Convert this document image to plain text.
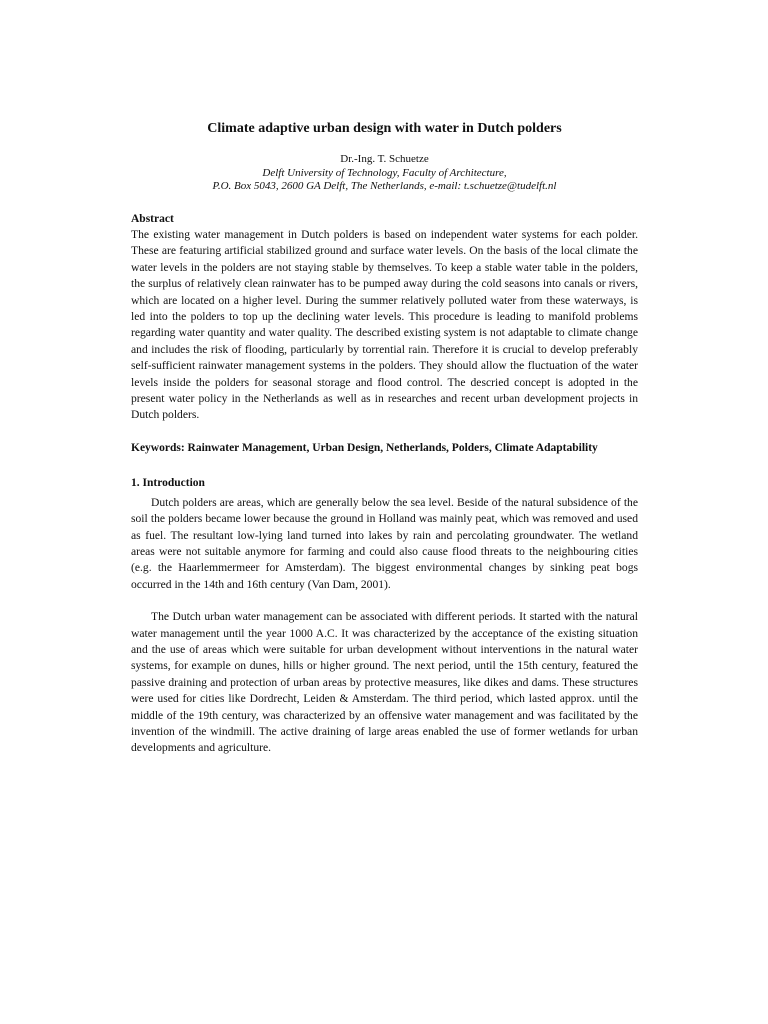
Climate adaptive urban design with water in Dutch polders

Dr.-Ing. T. Schuetze

Delft University of Technology, Faculty of Architecture,

P.O. Box 5043, 2600 GA Delft, The Netherlands, e-mail: t.schuetze@tudelft.nl

Abstract

The existing water management in Dutch polders is based on independent water systems for each polder. These are featuring artificial stabilized ground and surface water levels. On the basis of the local climate the water levels in the polders are not staying stable by themselves. To keep a stable water table in the polders, the surplus of relatively clean rainwater has to be pumped away during the cold seasons into canals or rivers, which are located on a higher level. During the summer relatively polluted water from these waterways, is led into the polders to top up the declining water levels. This procedure is leading to manifold problems regarding water quantity and water quality. The described existing system is not adaptable to climate change and includes the risk of flooding, particularly by torrential rain. Therefore it is crucial to develop preferably self-sufficient rainwater management systems in the polders. They should allow the fluctuation of the water levels inside the polders for seasonal storage and flood control. The descried concept is adopted in the present water policy in the Netherlands as well as in researches and recent urban development projects in Dutch polders.

Keywords: Rainwater Management, Urban Design, Netherlands, Polders, Climate Adaptability

1. Introduction

Dutch polders are areas, which are generally below the sea level. Beside of the natural subsidence of the soil the polders became lower because the ground in Holland was mainly peat, which was removed and used as fuel. The resultant low-lying land turned into lakes by rain and percolating groundwater. The wetland areas were not suitable anymore for farming and could also cause flood threats to the neighbouring cities (e.g. the Haarlemmermeer for Amsterdam). The biggest environmental changes by sinking peat bogs occurred in the 14th and 16th century (Van Dam, 2001).

The Dutch urban water management can be associated with different periods. It started with the natural water management until the year 1000 A.C. It was characterized by the acceptance of the existing situation and the use of areas which were suitable for urban development without interventions in the natural water systems, for example on dunes, hills or higher ground. The next period, until the 15th century, featured the passive draining and protection of urban areas by protective measures, like dikes and dams. These structures were used for cities like Dordrecht, Leiden & Amsterdam. The third period, which lasted approx. until the middle of the 19th century, was characterized by an offensive water management and was facilitated by the invention of the windmill. The active draining of large areas enabled the use of former wetlands for urban developments and agriculture.
